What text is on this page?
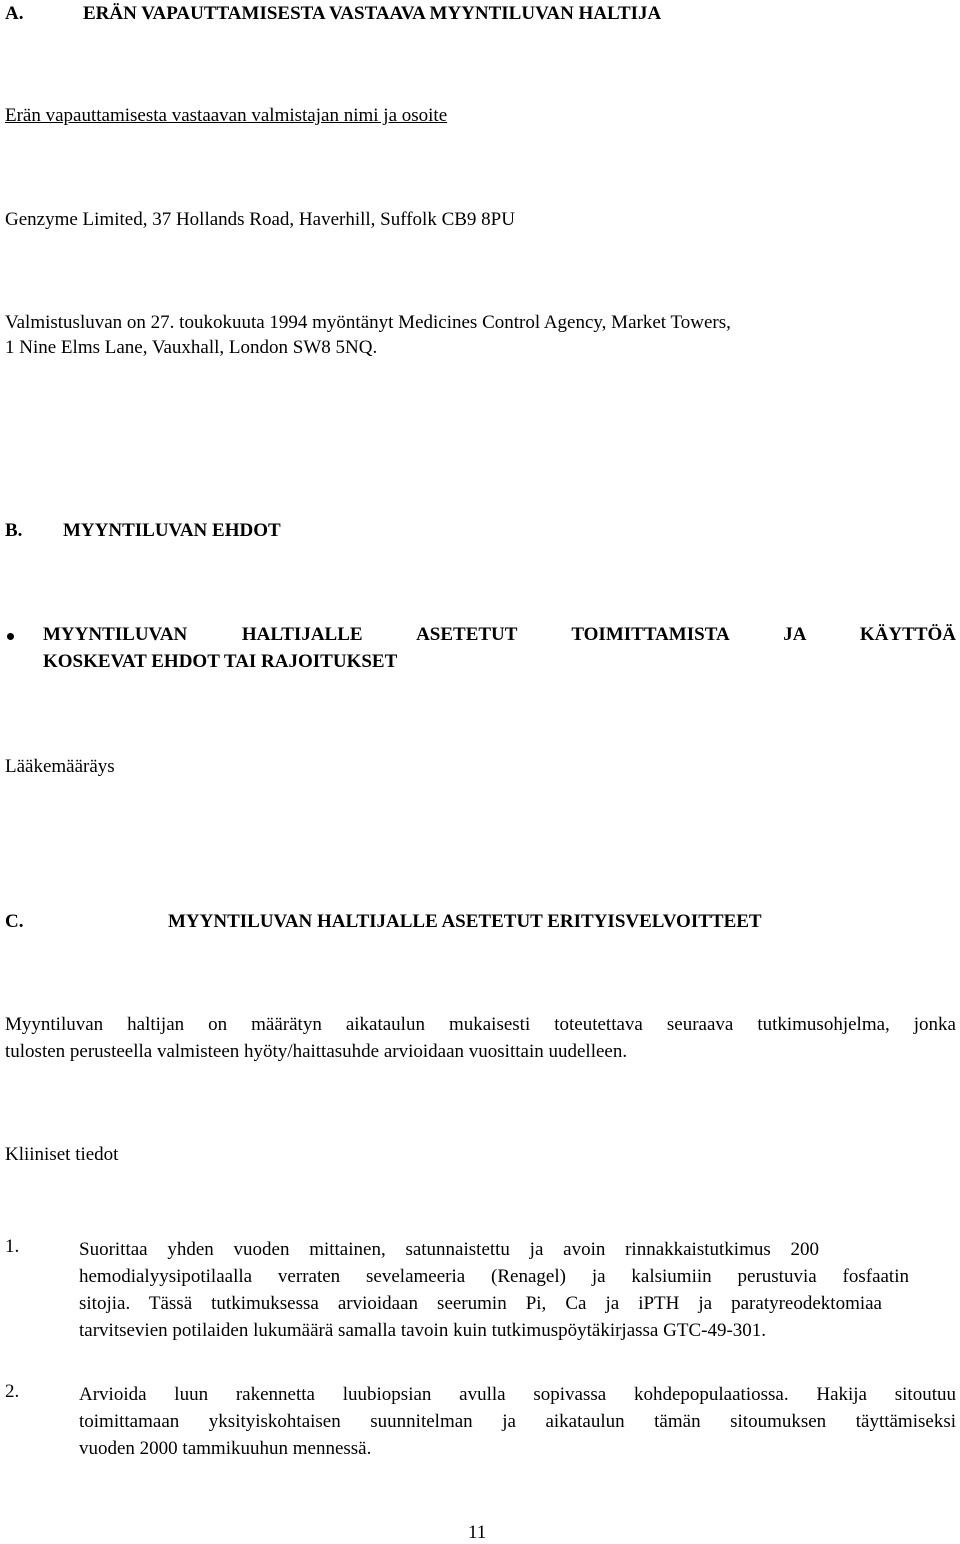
A.	ERÄN VAPAUTTAMISESTA VASTAAVA MYYNTILUVAN HALTIJA
Erän vapauttamisesta vastaavan valmistajan nimi ja osoite
Genzyme Limited, 37 Hollands Road, Haverhill, Suffolk CB9 8PU
Valmistusluvan on 27. toukokuuta 1994 myöntänyt Medicines Control Agency, Market Towers,
1 Nine Elms Lane, Vauxhall, London SW8 5NQ.
B. MYYNTILUVAN EHDOT
MYYNTILUVAN HALTIJALLE ASETETUT TOIMITTAMISTA JA KÄYTTÖÄ
KOSKEVAT EHDOT TAI RAJOITUKSET
Lääkemääräys
C.	MYYNTILUVAN HALTIJALLE ASETETUT ERITYISVELVOITTEET
Myyntiluvan haltijan on määrätyn aikataulun mukaisesti toteutettava seuraava tutkimusohjelma, jonka
tulosten perusteella valmisteen hyöty/haittasuhde arvioidaan vuosittain uudelleen.
Kliiniset tiedot
1.	Suorittaa yhden vuoden mittainen, satunnaistettu ja avoin rinnakkaistutkimus 200
hemodialyysipotilaalla verraten sevelameeria (Renagel) ja kalsiumiin perustuvia fosfaatin
sitojia. Tässä tutkimuksessa arvioidaan seerumin Pi, Ca ja iPTH ja paratyreodektomiaa
tarvitsevien potilaiden lukumäärä samalla tavoin kuin tutkimuspöytäkirjassa GTC-49-301.
2.	Arvioida luun rakennetta luubiopsian avulla sopivassa kohdepopulaatiossa. Hakija sitoutuu
toimittamaan yksityiskohtaisen suunnitelman ja aikataulun tämän sitoumuksen täyttämiseksi
vuoden 2000 tammikuuhun mennessä.
11
